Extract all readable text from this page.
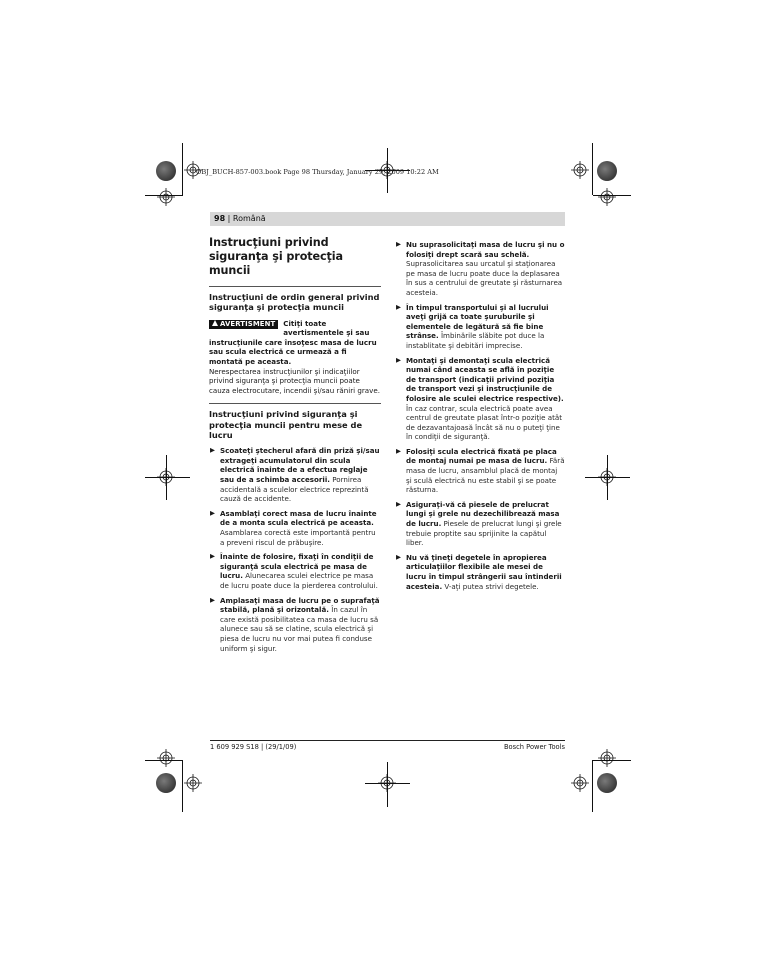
OBJ_BUCH-857-003.book Page 98 Thursday, January 29, 2009 10:22 AM
98 | Română
Instrucţiuni privind siguranţa şi protecţia muncii
Instrucţiuni de ordin general privind siguranţa şi protecţia muncii
AVERTISMENT	Citiţi toate avertismentele şi sau instrucţiunile care însoţesc masa de lucru sau scula electrică ce urmează a fi montată pe aceasta.
Nerespectarea instrucţiunilor şi indicaţiilor privind siguranţa şi protecţia muncii poate cauza electrocutare, incendii şi/sau răniri grave.
Instrucţiuni privind siguranţa şi protecţia muncii pentru mese de lucru
▶ Scoateţi ştecherul afară din priză şi/sau extrageţi acumulatorul din scula electrică înainte de a efectua reglaje sau de a schimba accesorii. Pornirea accidentală a sculelor electrice reprezintă cauză de accidente.
▶ Asamblaţi corect masa de lucru înainte de a monta scula electrică pe aceasta. Asamblarea corectă este importantă pentru a preveni riscul de prăbuşire.
▶ Înainte de folosire, fixaţi în condiţii de siguranţă scula electrică pe masa de lucru. Alunecarea sculei electrice pe masa de lucru poate duce la pierderea controlului.
▶ Amplasaţi masa de lucru pe o suprafaţă stabilă, plană şi orizontală. În cazul în care există posibilitatea ca masa de lucru să alunece sau să se clatine, scula electrică şi piesa de lucru nu vor mai putea fi conduse uniform şi sigur.
▶ Nu suprasolicitaţi masa de lucru şi nu o folosiţi drept scară sau schelă. Suprasolicitarea sau urcatul şi staţionarea pe masa de lucru poate duce la deplasarea în sus a centrului de greutate şi răsturnarea acesteia.
▶ În timpul transportului şi al lucrului aveţi grijă ca toate şuruburile şi elementele de legătură să fie bine strânse. Îmbinările slăbite pot duce la instablitate şi debitări imprecise.
▶ Montaţi şi demontaţi scula electrică numai când aceasta se află în poziţie de transport (indicaţii privind poziţia de transport vezi şi instrucţiunile de folosire ale sculei electrice respective). În caz contrar, scula electrică poate avea centrul de greutate plasat într-o poziţie atât de dezavantajoasă încât să nu o puteţi ţine în condiţii de siguranţă.
▶ Folosiţi scula electrică fixată pe placa de montaj numai pe masa de lucru. Fără masa de lucru, ansamblul placă de montaj şi sculă electrică nu este stabil şi se poate răsturna.
▶ Asiguraţi-vă că piesele de prelucrat lungi şi grele nu dezechilibrează masa de lucru. Piesele de prelucrat lungi şi grele trebuie proptite sau sprijinite la capătul liber.
▶ Nu vă ţineţi degetele în apropierea articulaţiilor flexibile ale mesei de lucru în timpul strângerii sau întinderii acesteia. V-aţi putea strivi degetele.
1 609 929 S18 | (29/1/09)	Bosch Power Tools
